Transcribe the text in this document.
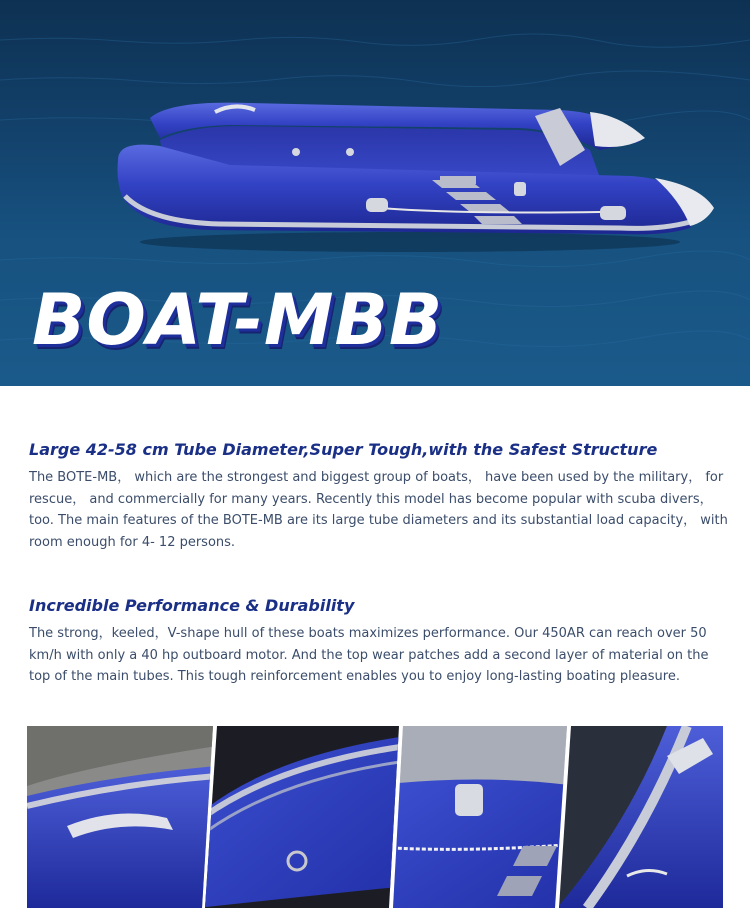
BOAT-MBB
Large 42-58 cm Tube Diameter,Super Tough,with the Safest Structure

The BOTE-MB， which are the strongest and biggest group of boats， have been used by the military， for rescue， and commercially for many years. Recently this model has become popular with scuba divers，too. The main features of the BOTE-MB are its large tube diameters and its substantial load capacity， with room enough for 4- 12 persons.

Incredible Performance & Durability

The strong，keeled，V-shape hull of these boats maximizes performance. Our 450AR can reach over 50 km/h with only a 40 hp outboard motor. And the top wear patches add a second layer of material on the top of the main tubes. This tough reinforcement enables you to enjoy long-lasting boating pleasure.
